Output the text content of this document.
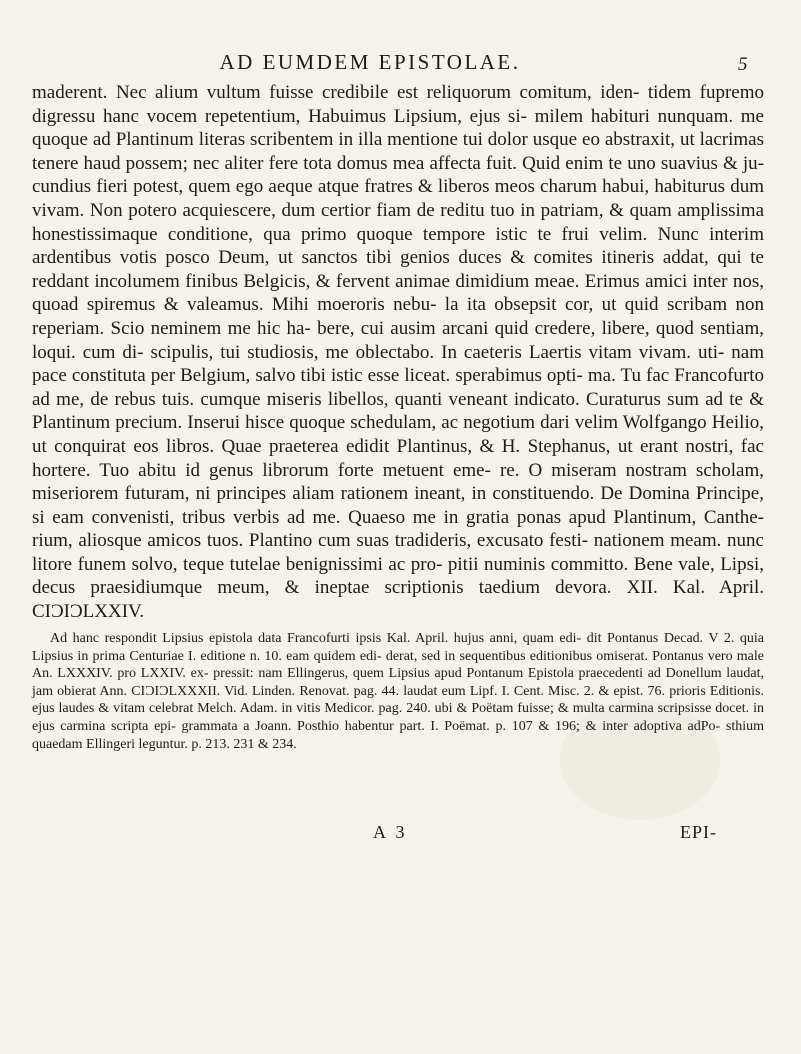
AD EUMDEM EPISTOLAE.	5

maderent. Nec alium vultum fuisse credibile est reliquorum comitum, iden- tidem fupremo digressu hanc vocem repetentium, Habuimus Lipsium, ejus si- milem habituri nunquam. me quoque ad Plantinum literas scribentem in illa mentione tui dolor usque eo abstraxit, ut lacrimas tenere haud possem; nec aliter fere tota domus mea affecta fuit. Quid enim te uno suavius & ju- cundius fieri potest, quem ego aeque atque fratres & liberos meos charum habui, habiturus dum vivam. Non potero acquiescere, dum certior fiam de reditu tuo in patriam, & quam amplissima honestissimaque conditione, qua primo quoque tempore istic te frui velim. Nunc interim ardentibus votis posco Deum, ut sanctos tibi genios duces & comites itineris addat, qui te reddant incolumem finibus Belgicis, & fervent animae dimidium meae. Erimus amici inter nos, quoad spiremus & valeamus. Mihi moeroris nebu- la ita obsepsit cor, ut quid scribam non reperiam. Scio neminem me hic ha- bere, cui ausim arcani quid credere, libere, quod sentiam, loqui. cum di- scipulis, tui studiosis, me oblectabo. In caeteris Laertis vitam vivam. uti- nam pace constituta per Belgium, salvo tibi istic esse liceat. sperabimus opti- ma. Tu fac Francofurto ad me, de rebus tuis. cumque miseris libellos, quanti veneant indicato. Curaturus sum ad te & Plantinum precium. Inserui hisce quoque schedulam, ac negotium dari velim Wolfgango Heilio, ut conquirat eos libros. Quae praeterea edidit Plantinus, & H. Stephanus, ut erant nostri, fac hortere. Tuo abitu id genus librorum forte metuent eme- re. O miseram nostram scholam, miseriorem futuram, ni principes aliam rationem ineant, in constituendo. De Domina Principe, si eam convenisti, tribus verbis ad me. Quaeso me in gratia ponas apud Plantinum, Canthe- rium, aliosque amicos tuos. Plantino cum suas tradideris, excusato festi- nationem meam. nunc litore funem solvo, teque tutelae benignissimi ac pro- pitii numinis committo. Bene vale, Lipsi, decus praesidiumque meum, & ineptae scriptionis taedium devora. XII. Kal. April. CIƆIƆLXXIV.

Ad hanc respondit Lipsius epistola data Francofurti ipsis Kal. April. hujus anni, quam edi- dit Pontanus Decad. V 2. quia Lipsius in prima Centuriae I. editione n. 10. eam quidem edi- derat, sed in sequentibus editionibus omiserat. Pontanus vero male An. LXXXIV. pro LXXIV. ex- pressit: nam Ellingerus, quem Lipsius apud Pontanum Epistola praecedenti ad Donellum laudat, jam obierat Ann. CIƆIƆLXXXII. Vid. Linden. Renovat. pag. 44. laudat eum Lipf. I. Cent. Misc. 2. & epist. 76. prioris Editionis. ejus laudes & vitam celebrat Melch. Adam. in vitis Medicor. pag. 240. ubi & Poëtam fuisse; & multa carmina scripsisse docet. in ejus carmina scripta epi- grammata a Joann. Posthio habentur part. I. Poëmat. p. 107 & 196; & inter adoptiva adPo- sthium quaedam Ellingeri leguntur. p. 213. 231 & 234.

A 3	EPI-
